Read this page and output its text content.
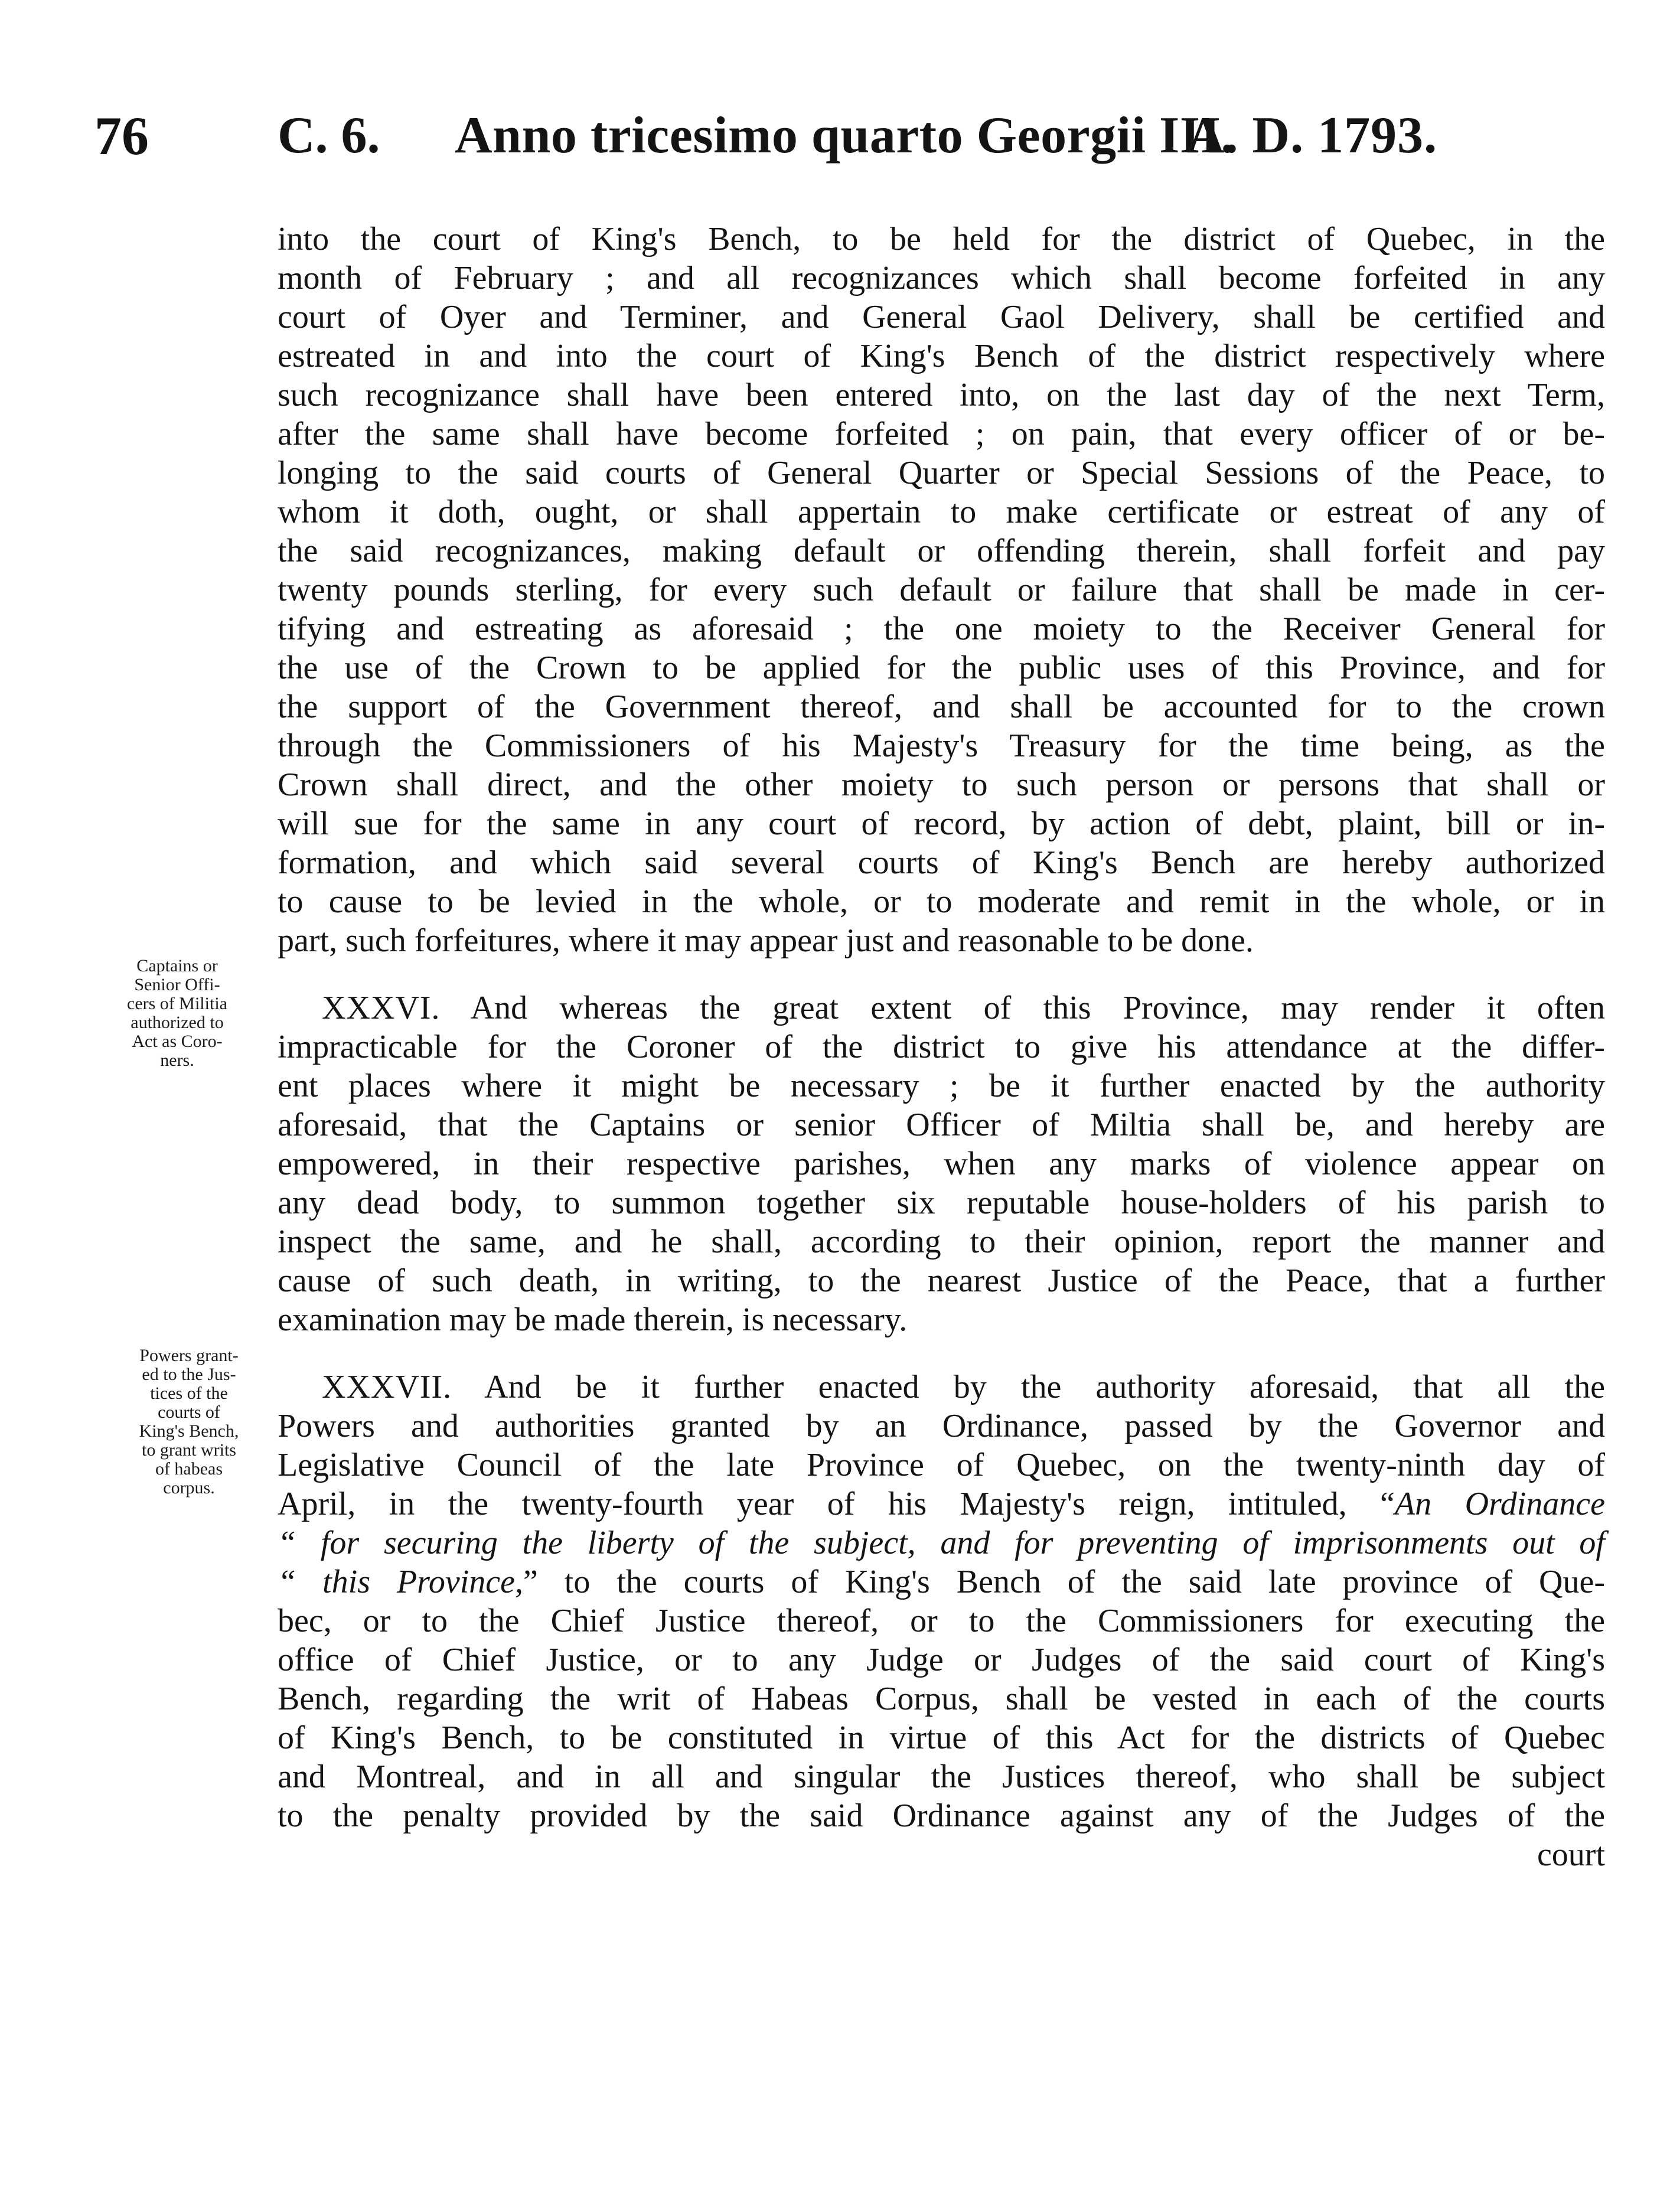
76 C. 6. Anno tricesimo quarto Georgii III.
A. D. 1793.
Captains or
Senior Offi-
cers of Militia
authorized to
Act as Coro-
ners.
Powers grant-
ed to the Jus-
tices of the
courts of
King's Bench,
to grant writs
of habeas
corpus.
into the court of King's Bench, to be held for the district of Quebec, in the
month of February ; and all recognizances which shall become forfeited in any
court of Oyer and Terminer, and General Gaol Delivery, shall be certified and
estreated in and into the court of King's Bench of the district respectively where
such recognizance shall have been entered into, on the last day of the next Term,
after the same shall have become forfeited ; on pain, that every officer of or be-
longing to the said courts of General Quarter or Special Sessions of the Peace, to
whom it doth, ought, or shall appertain to make certificate or estreat of any of
the said recognizances, making default or offending therein, shall forfeit and pay
twenty pounds sterling, for every such default or failure that shall be made in cer-
tifying and estreating as aforesaid ; the one moiety to the Receiver General for
the use of the Crown to be applied for the public uses of this Province, and for
the support of the Government thereof, and shall be accounted for to the crown
through the Commissioners of his Majesty's Treasury for the time being, as the
Crown shall direct, and the other moiety to such person or persons that shall or
will sue for the same in any court of record, by action of debt, plaint, bill or in-
formation, and which said several courts of King's Bench are hereby authorized
to cause to be levied in the whole, or to moderate and remit in the whole, or in
part, such forfeitures, where it may appear just and reasonable to be done.
XXXVI. And whereas the great extent of this Province, may render it often
impracticable for the Coroner of the district to give his attendance at the differ-
ent places where it might be necessary ; be it further enacted by the authority
aforesaid, that the Captains or senior Officer of Miltia shall be, and hereby are
empowered, in their respective parishes, when any marks of violence appear on
any dead body, to summon together six reputable house-holders of his parish to
inspect the same, and he shall, according to their opinion, report the manner and
cause of such death, in writing, to the nearest Justice of the Peace, that a further
examination may be made therein, is necessary.
XXXVII. And be it further enacted by the authority aforesaid, that all the
Powers and authorities granted by an Ordinance, passed by the Governor and
Legislative Council of the late Province of Quebec, on the twenty-ninth day of
April, in the twenty-fourth year of his Majesty's reign, intituled, “An Ordinance
“ for securing the liberty of the subject, and for preventing of imprisonments out of
“ this Province,” to the courts of King's Bench of the said late province of Que-
bec, or to the Chief Justice thereof, or to the Commissioners for executing the
office of Chief Justice, or to any Judge or Judges of the said court of King's
Bench, regarding the writ of Habeas Corpus, shall be vested in each of the courts
of King's Bench, to be constituted in virtue of this Act for the districts of Quebec
and Montreal, and in all and singular the Justices thereof, who shall be subject
to the penalty provided by the said Ordinance against any of the Judges of the
court
